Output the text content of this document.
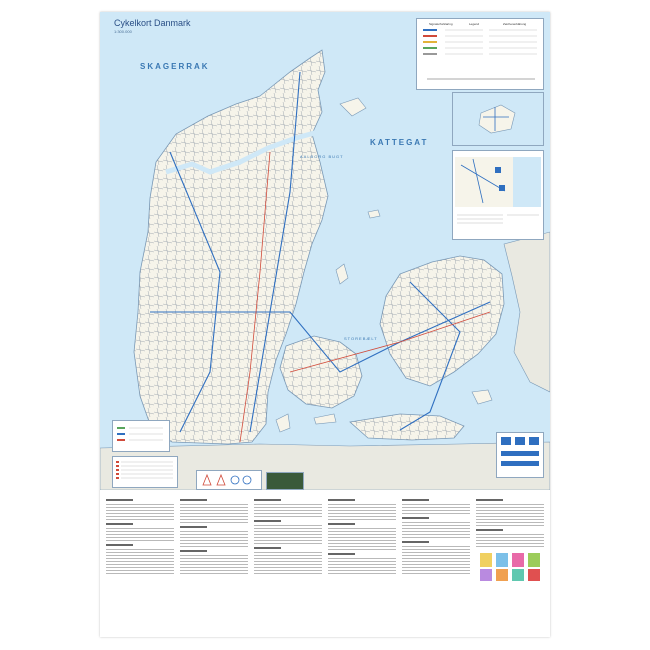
Cykelkort Danmark
1:300.000
SKAGERRAK
KATTEGAT
AALBORG BUGT
STOREBÆLT
Signaturforklaring	Legend	Zeichenerklärung
